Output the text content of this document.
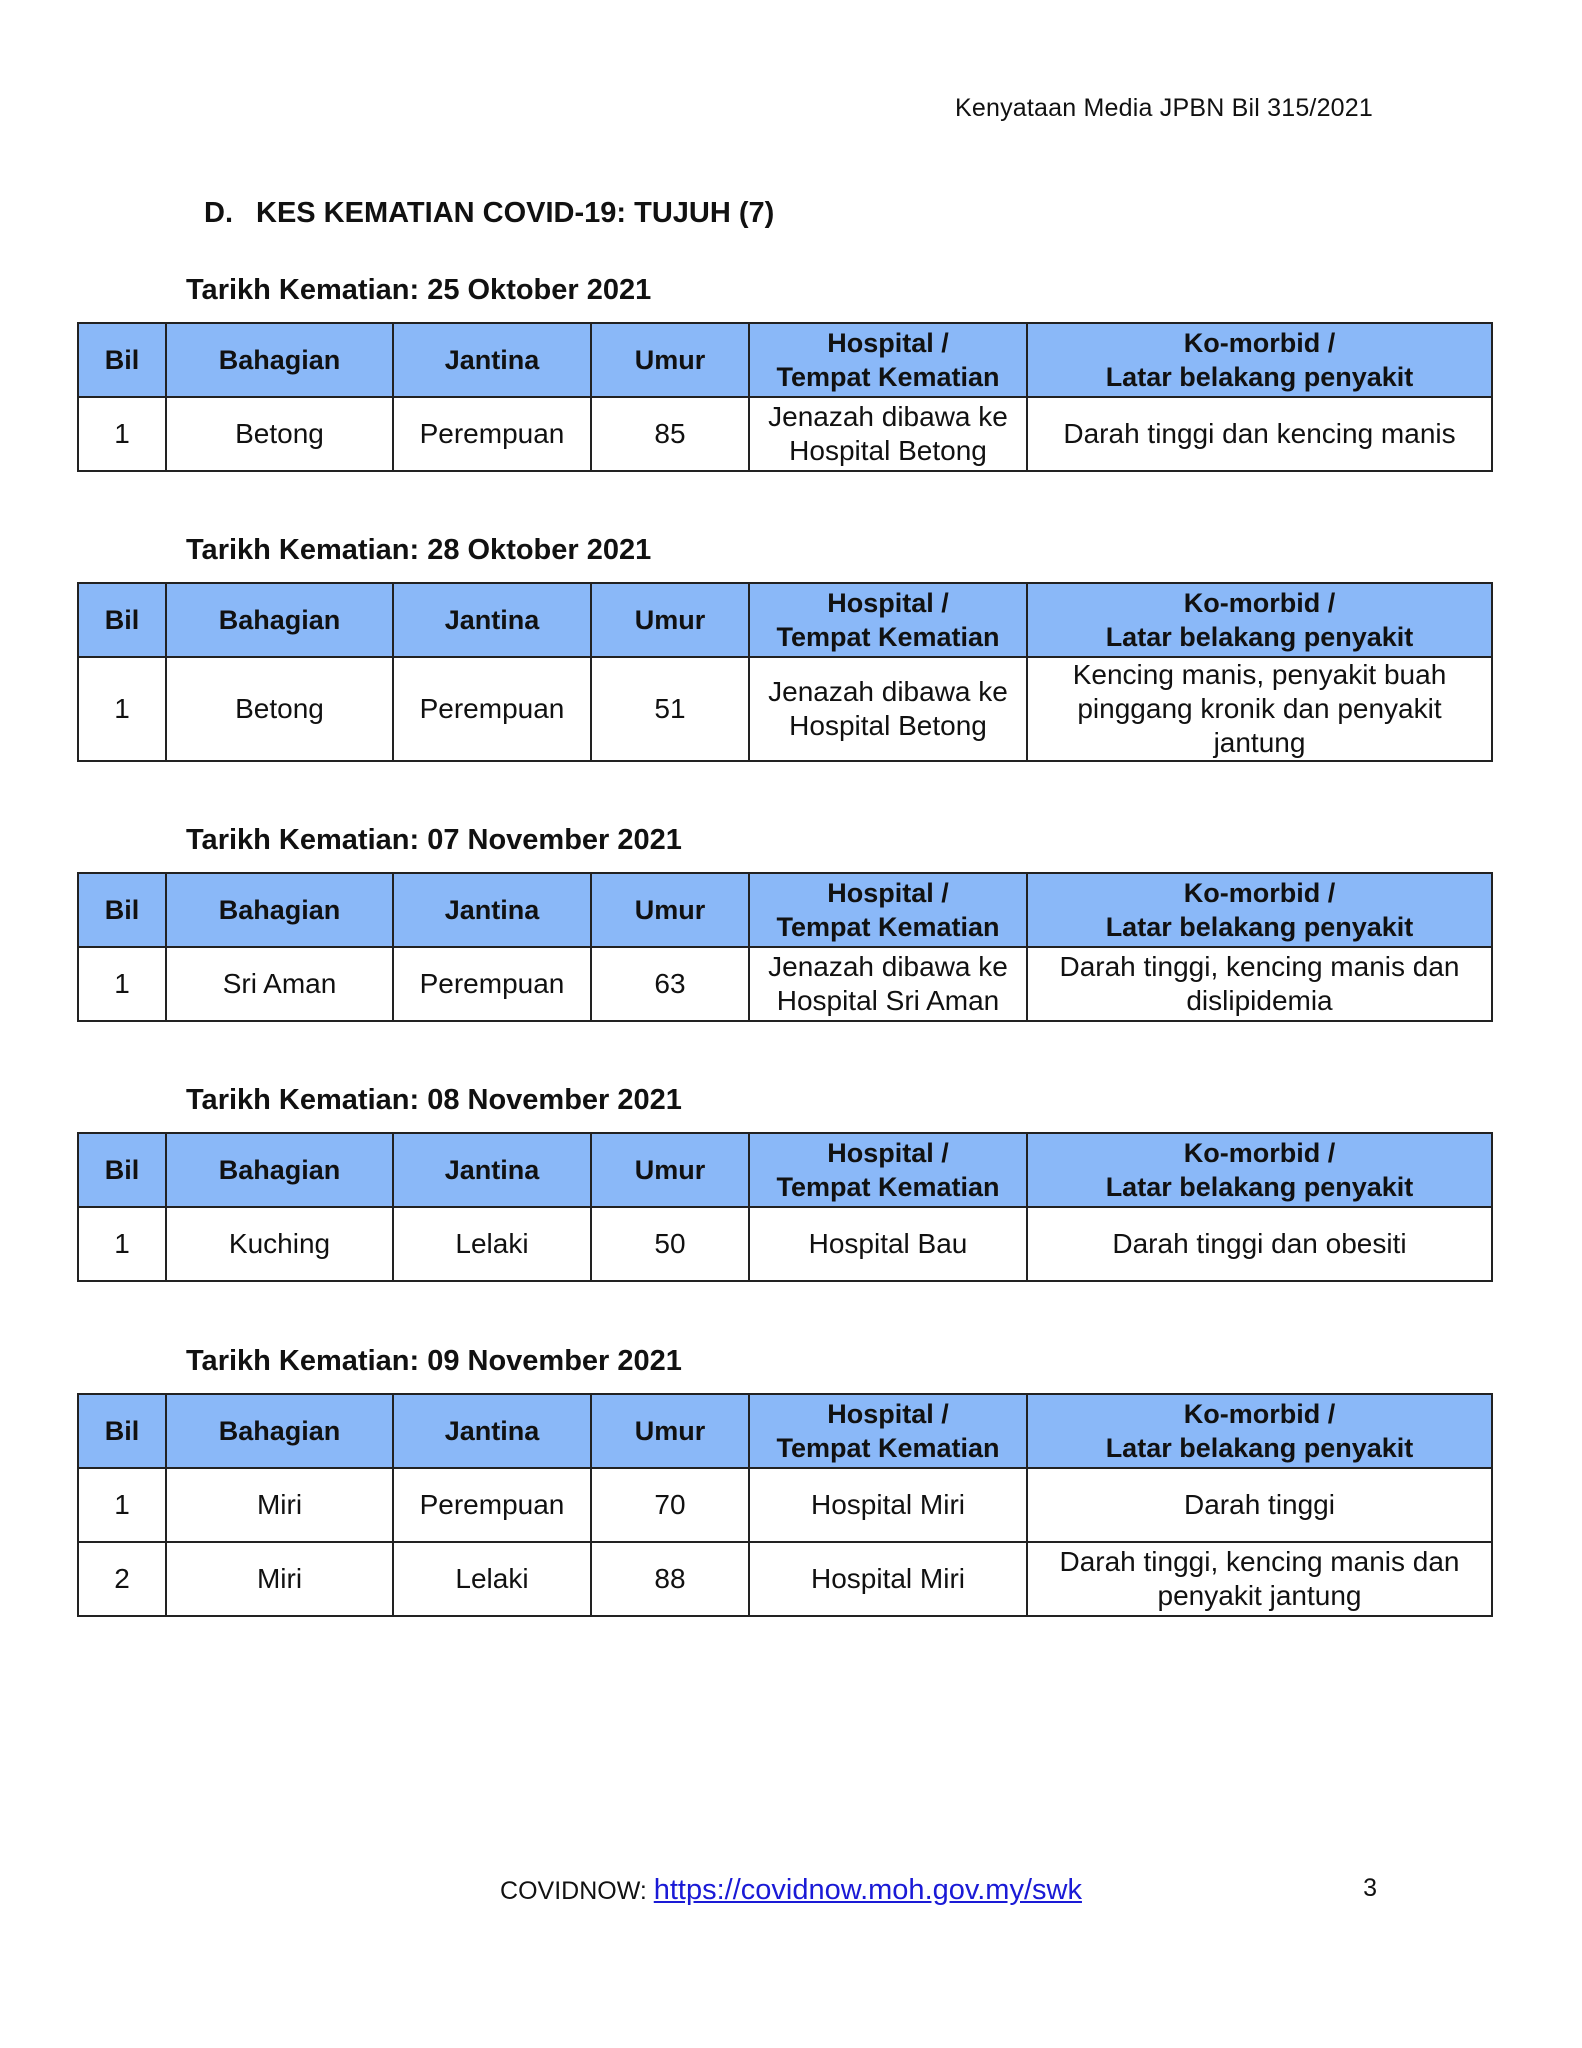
Kenyataan Media JPBN Bil 315/2021
D. KES KEMATIAN COVID-19: TUJUH (7)
Tarikh Kematian: 25 Oktober 2021
Bil	Bahagian	Jantina	Umur	Hospital /
Tempat Kematian	Ko-morbid /
Latar belakang penyakit
1	Betong	Perempuan	85	Jenazah dibawa ke
Hospital Betong	Darah tinggi dan kencing manis
Tarikh Kematian: 28 Oktober 2021
Bil	Bahagian	Jantina	Umur	Hospital /
Tempat Kematian	Ko-morbid /
Latar belakang penyakit
1	Betong	Perempuan	51	Jenazah dibawa ke
Hospital Betong	Kencing manis, penyakit buah
pinggang kronik dan penyakit
jantung
Tarikh Kematian: 07 November 2021
Bil	Bahagian	Jantina	Umur	Hospital /
Tempat Kematian	Ko-morbid /
Latar belakang penyakit
1	Sri Aman	Perempuan	63	Jenazah dibawa ke
Hospital Sri Aman	Darah tinggi, kencing manis dan
dislipidemia
Tarikh Kematian: 08 November 2021
Bil	Bahagian	Jantina	Umur	Hospital /
Tempat Kematian	Ko-morbid /
Latar belakang penyakit
1	Kuching	Lelaki	50	Hospital Bau	Darah tinggi dan obesiti
Tarikh Kematian: 09 November 2021
Bil	Bahagian	Jantina	Umur	Hospital /
Tempat Kematian	Ko-morbid /
Latar belakang penyakit
1	Miri	Perempuan	70	Hospital Miri	Darah tinggi
2	Miri	Lelaki	88	Hospital Miri	Darah tinggi, kencing manis dan
penyakit jantung
COVIDNOW: https://covidnow.moh.gov.my/swk	3
